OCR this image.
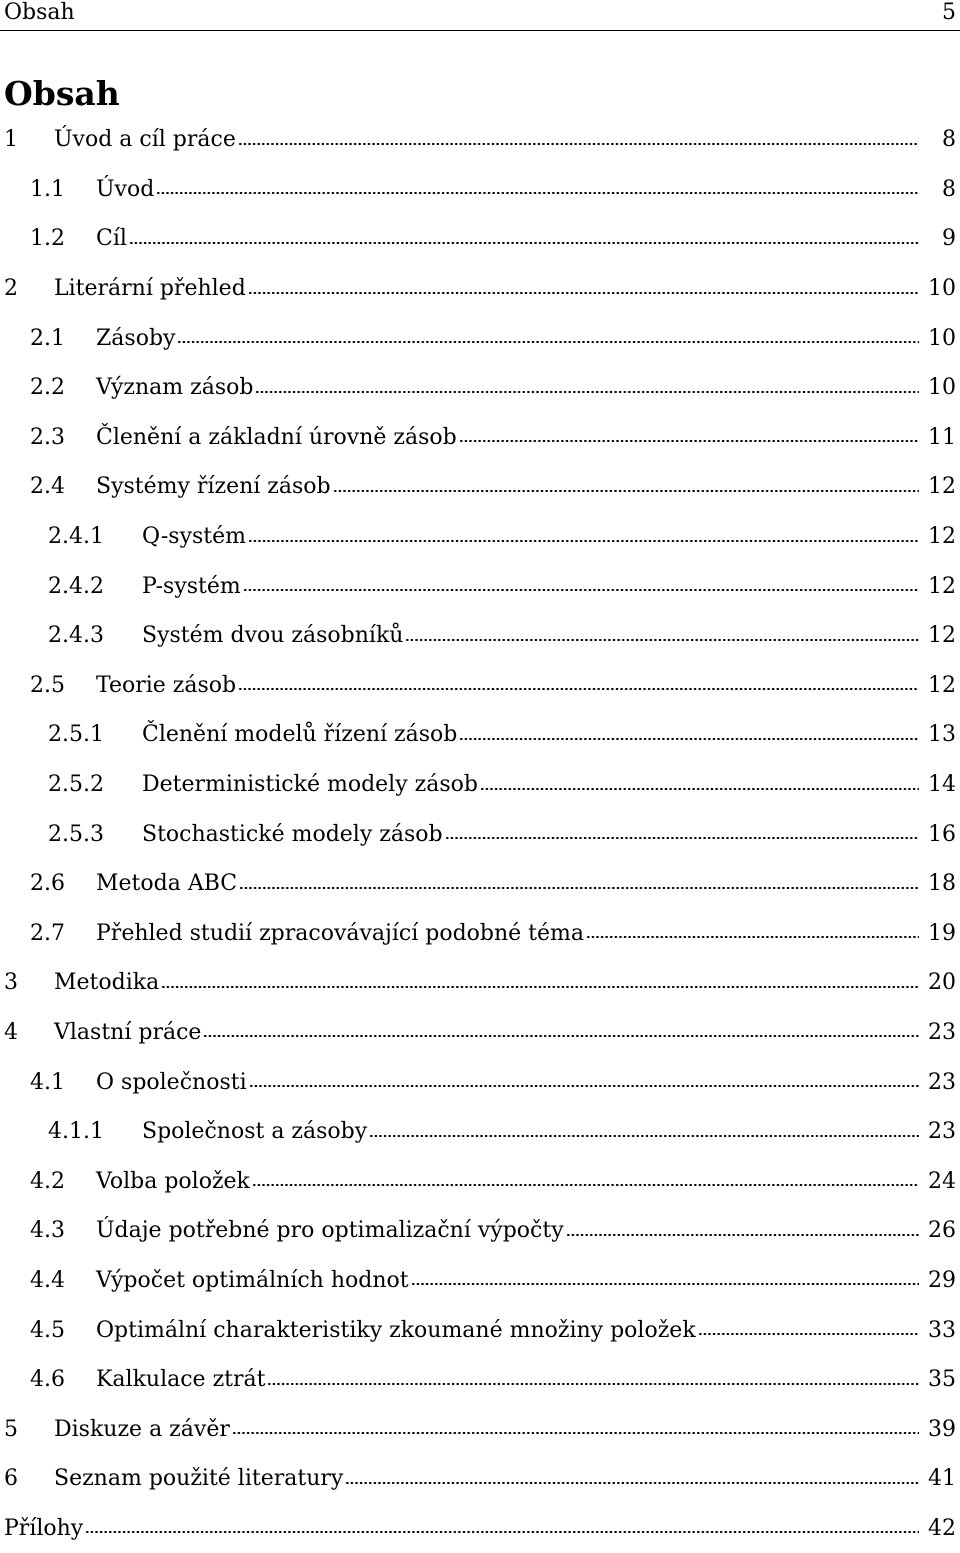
Obsah	5
Obsah
1	Úvod a cíl práce	8
1.1	Úvod	8
1.2	Cíl	9
2	Literární přehled	10
2.1	Zásoby	10
2.2	Význam zásob	10
2.3	Členění a základní úrovně zásob	11
2.4	Systémy řízení zásob	12
2.4.1	Q-systém	12
2.4.2	P-systém	12
2.4.3	Systém dvou zásobníků	12
2.5	Teorie zásob	12
2.5.1	Členění modelů řízení zásob	13
2.5.2	Deterministické modely zásob	14
2.5.3	Stochastické modely zásob	16
2.6	Metoda ABC	18
2.7	Přehled studií zpracovávající podobné téma	19
3	Metodika	20
4	Vlastní práce	23
4.1	O společnosti	23
4.1.1	Společnost a zásoby	23
4.2	Volba položek	24
4.3	Údaje potřebné pro optimalizační výpočty	26
4.4	Výpočet optimálních hodnot	29
4.5	Optimální charakteristiky zkoumané množiny položek	33
4.6	Kalkulace ztrát	35
5	Diskuze a závěr	39
6	Seznam použité literatury	41
Přílohy	42
